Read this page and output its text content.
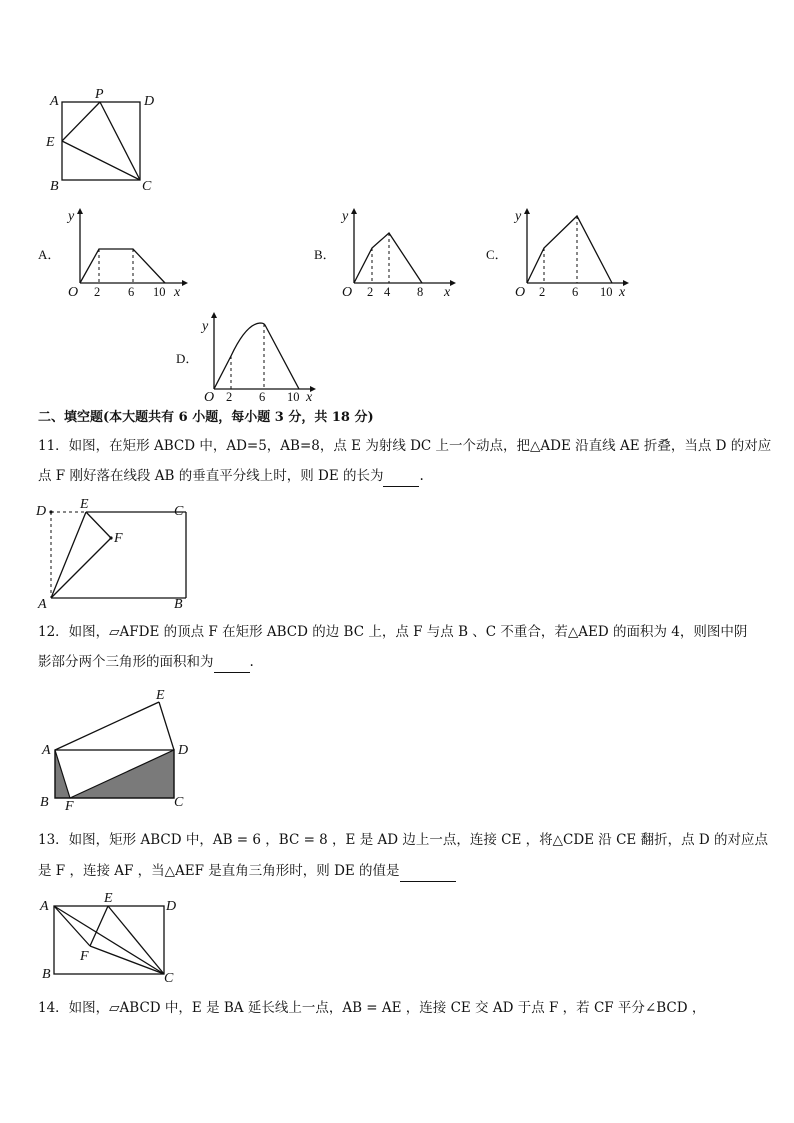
A	P	D
E
B	C
A．
y
O 2 6 10 x
B．
y
O 2 4 8 x
C．
y
O 2 6 10 x
D．
y
O 2 6 10 x
二、填空题(本大题共有 6 小题，每小题 3 分，共 18 分)
11．如图，在矩形 ABCD 中，AD=5，AB=8，点 E 为射线 DC 上一个动点，把△ADE 沿直线 AE 折叠，当点 D 的对应
点 F 刚好落在线段 AB 的垂直平分线上时，则 DE 的长为	.
D E	C
F
A	B
12．如图，▱AFDE 的顶点 F 在矩形 ABCD 的边 BC 上，点 F 与点 B 、C 不重合，若△AED 的面积为 4，则图中阴
影部分两个三角形的面积和为	.
E
A	D
B F	C
13．如图，矩形 ABCD 中，AB = 6 ，BC = 8 ，E 是 AD 边上一点，连接 CE ，将△CDE 沿 CE 翻折，点 D 的对应点
是 F ，连接 AF ，当△AEF 是直角三角形时，则 DE 的值是
A
E
D
F
B	C
14．如图，▱ABCD 中，E 是 BA 延长线上一点，AB = AE ，连接 CE 交 AD 于点 F ，若 CF 平分∠BCD ，
